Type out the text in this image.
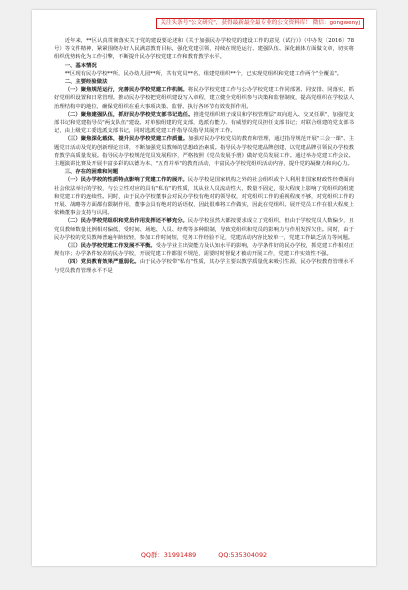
关注头条号"公文研究"，获得最新最全最专业的公文资料库！ 微信：gongwenyj

近年来，**区认真贯彻落实关于党的建设要论述和《关于加强民办学校党的建设工作的意见（试行）》（中办发〔2016〕78号）等文件精神，紧紧围绕办好人民满意教育目标，强化党建引领，持续在规范运行、建强队伍、深化载体方面做文章，切实将组织优势转化为工作引擎，不断提升民办学校党建工作和教育教学水平。

一、基本情况

**区现有民办学校**所，民办幼儿园**所，共有党员**名，组建党组织**个，已实现党组织和党建工作两个"全覆盖"。

二、主要经验做法

（一）聚焦规范运行，完善民办学校党建工作机制。将民办学校党建工作与公办学校党建工作同部署、同安排、同落实，抓好党组织设置和日常管理。推动民办学校把党组织建设写入章程，建立健全党组织参与决策和监督制度，提高党组织在学校法人治理结构中的地位，确保党组织在重大事项决策、监督、执行各环节有效发挥作用。

（二）聚焦建强队伍，抓好民办学校党支部书记选任。推进党组织班子成员和学校管理层"双向进入、交叉任职"，加强党支部书记和党建指导员"两支队伍"建设。对单独组建的党支部，选派有能力、有威望的党员担任支部书记；对联合组建的党支部书记，由上级党工委选派支部书记，同时选派党建工作指导员指导其展开工作。

（三）聚焦深化载体，提升民办学校党建工作质量。加强对民办学校党员的教育和管理，通过指导规范开展"三会一课"、主题党日活动及党的创新理论宣讲，不断加强党员教师的思想政治素质。指导民办学校党建品牌创建，以党建品牌引领民办学校教育教学高质量发展。指导民办学校规范党员发展程序，严格按照《党员发展手册》做好党员发展工作。通过举办党建工作会议、主题演讲比赛及开展丰富多彩的以德为本、"五育并举"的教育活动，丰富民办学校党组织活动内容，提升党的凝聚力和向心力。

三、存在的困难和问题

（一）民办学校的性质特点影响了党建工作的展开。民办学校是国家机构之外的社会组织或个人利用非国家财政性经费面向社会依法举行的学校，与公立性对应的具有"私有"的性质，其从业人员流动性大，数量不固定，很大程度上影响了党组织的组建和党建工作的连续性。同时，由于民办学校董事会对民办学校有绝对的领导权，对党组织工作的重视程度不够，对党组织工作的开展、战略等方面都有限制作用，董事会具有绝对的话语权，因此很难将工作做实，因此在党组织、展开党员工作在很大程度上依赖董事会支持与认同。

（二）民办学校党组织和党员作用发挥还不够充分。民办学校虽然大都按要求成立了党组织，但由于学校党员人数偏少，且党员教师数量比例相对偏低，受时间、场地、人员、经费等多种限制，导致党组织和党员的影响力与作用发挥欠佳。同时，由于民办学校的党员教师普遍年龄较轻，参加工作时间短，党务工作经验不足，党建活动内容比较单一，党建工作缺乏活力等问题。

（三）民办学校党建工作发展不平衡。受办学业主出资能力及认知水平的影响，办学条件好的民办学校，抓党建工作相对正规有序；办学条件较差的民办学校，开展党建工作都很不规范，需要时时督促才被动开展工作，党建工作实效性不强。

（四）党员教育效果严重弱化。由于民办学校带"私有"性质，其办学主要以教学质量优来吸引生源，民办学校教育管理水平与党员教育管理水平不是

QQ群：31991489	QQ:535304092
